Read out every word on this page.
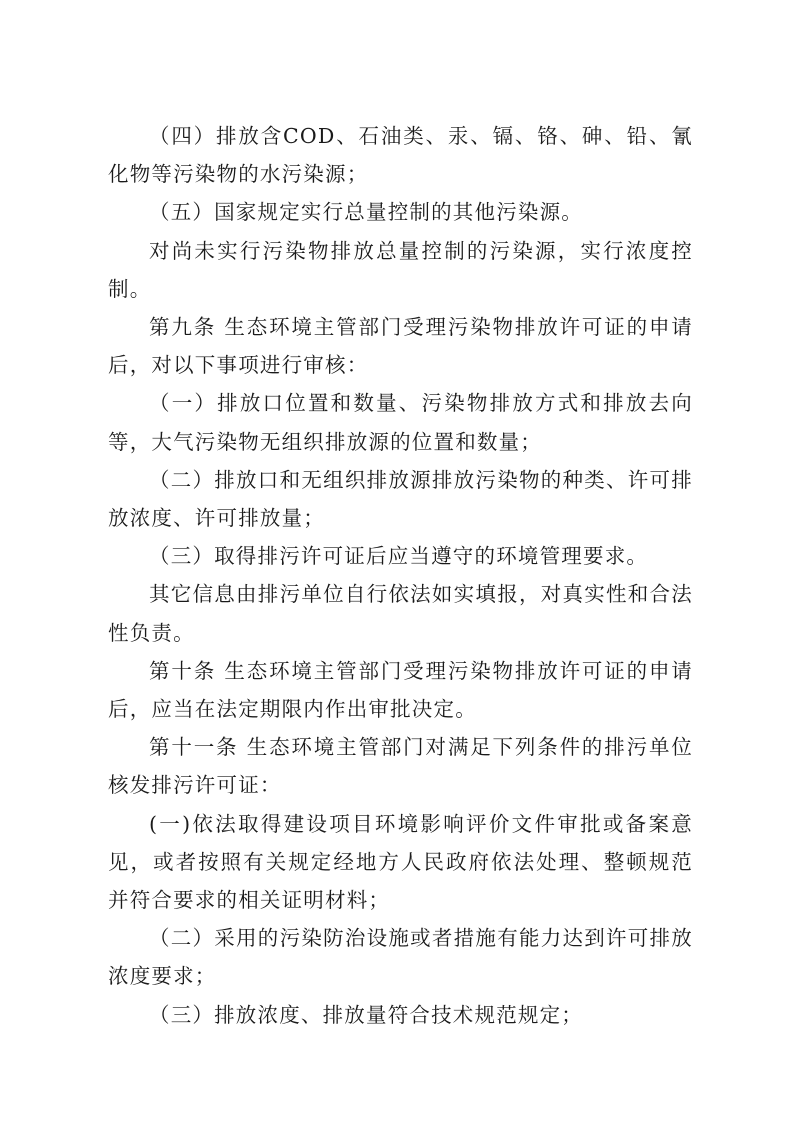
（四）排放含COD、石油类、汞、镉、铬、砷、铅、氰化物等污染物的水污染源；

（五）国家规定实行总量控制的其他污染源。

对尚未实行污染物排放总量控制的污染源，实行浓度控制。

第九条 生态环境主管部门受理污染物排放许可证的申请后，对以下事项进行审核：

（一）排放口位置和数量、污染物排放方式和排放去向等，大气污染物无组织排放源的位置和数量；

（二）排放口和无组织排放源排放污染物的种类、许可排放浓度、许可排放量；

（三）取得排污许可证后应当遵守的环境管理要求。

其它信息由排污单位自行依法如实填报，对真实性和合法性负责。

第十条 生态环境主管部门受理污染物排放许可证的申请后，应当在法定期限内作出审批决定。

第十一条 生态环境主管部门对满足下列条件的排污单位核发排污许可证：

(一)依法取得建设项目环境影响评价文件审批或备案意见，或者按照有关规定经地方人民政府依法处理、整顿规范并符合要求的相关证明材料；

（二）采用的污染防治设施或者措施有能力达到许可排放浓度要求；

（三）排放浓度、排放量符合技术规范规定；
